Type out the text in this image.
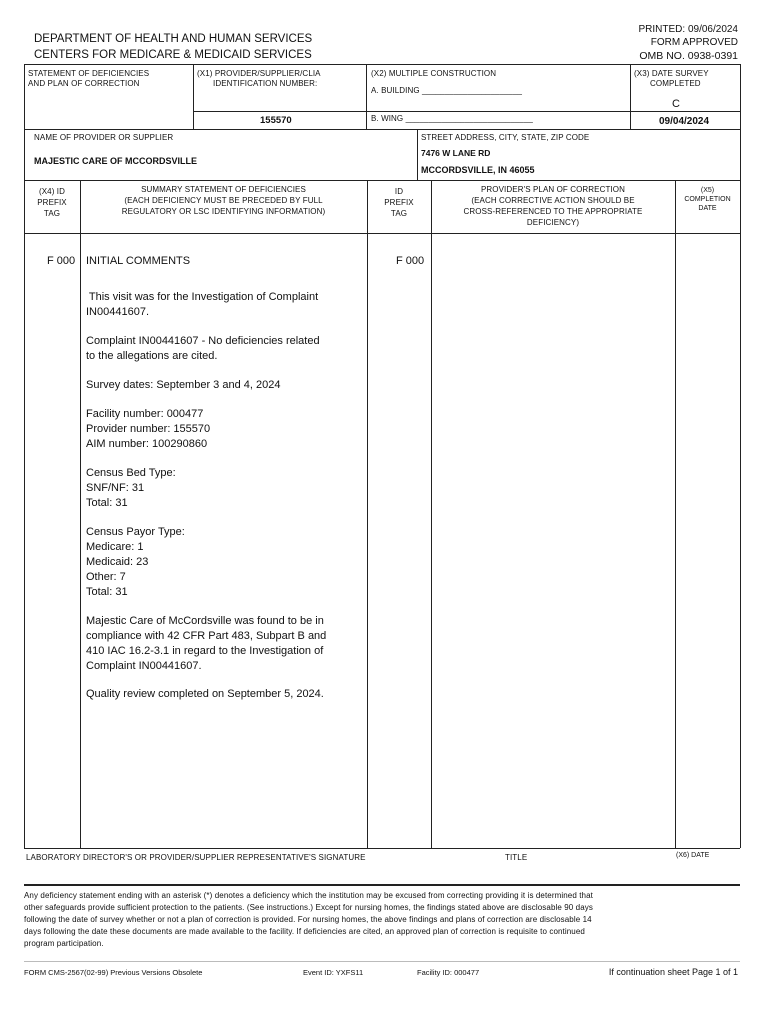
DEPARTMENT OF HEALTH AND HUMAN SERVICES
CENTERS FOR MEDICARE & MEDICAID SERVICES
PRINTED: 09/06/2024
FORM APPROVED
OMB NO. 0938-0391
STATEMENT OF DEFICIENCIES
AND PLAN OF CORRECTION
(X1) PROVIDER/SUPPLIER/CLIA
IDENTIFICATION NUMBER:
155570
(X2) MULTIPLE CONSTRUCTION
A. BUILDING ______________________
B. WING ____________________________
(X3) DATE SURVEY
COMPLETED
C
09/04/2024
NAME OF PROVIDER OR SUPPLIER
MAJESTIC CARE OF MCCORDSVILLE
STREET ADDRESS, CITY, STATE, ZIP CODE
7476 W LANE RD
MCCORDSVILLE, IN 46055
(X4) ID
PREFIX
TAG
SUMMARY STATEMENT OF DEFICIENCIES
(EACH DEFICIENCY MUST BE PRECEDED BY FULL
REGULATORY OR LSC IDENTIFYING INFORMATION)
ID
PREFIX
TAG
PROVIDER'S PLAN OF CORRECTION
(EACH CORRECTIVE ACTION SHOULD BE
CROSS-REFERENCED TO THE APPROPRIATE
DEFICIENCY)
(X5)
COMPLETION
DATE
F 000	F 000
INITIAL COMMENTS
This visit was for the Investigation of Complaint
IN00441607.
Complaint IN00441607 - No deficiencies related
to the allegations are cited.
Survey dates: September 3 and 4, 2024
Facility number: 000477
Provider number: 155570
AIM number: 100290860
Census Bed Type:
SNF/NF: 31
Total: 31
Census Payor Type:
Medicare: 1
Medicaid: 23
Other: 7
Total: 31
Majestic Care of McCordsville was found to be in
compliance with 42 CFR Part 483, Subpart B and
410 IAC 16.2-3.1 in regard to the Investigation of
Complaint IN00441607.
Quality review completed on September 5, 2024.
LABORATORY DIRECTOR'S OR PROVIDER/SUPPLIER REPRESENTATIVE'S SIGNATURE	TITLE	(X6) DATE
Any deficiency statement ending with an asterisk (*) denotes a deficiency which the institution may be excused from correcting providing it is determined that
other safeguards provide sufficient protection to the patients. (See instructions.) Except for nursing homes, the findings stated above are disclosable 90 days
following the date of survey whether or not a plan of correction is provided. For nursing homes, the above findings and plans of correction are disclosable 14
days following the date these documents are made available to the facility. If deficiencies are cited, an approved plan of correction is requisite to continued
program participation.
FORM CMS-2567(02-99) Previous Versions Obsolete	Event ID: YXFS11	Facility ID: 000477	If continuation sheet Page 1 of 1
